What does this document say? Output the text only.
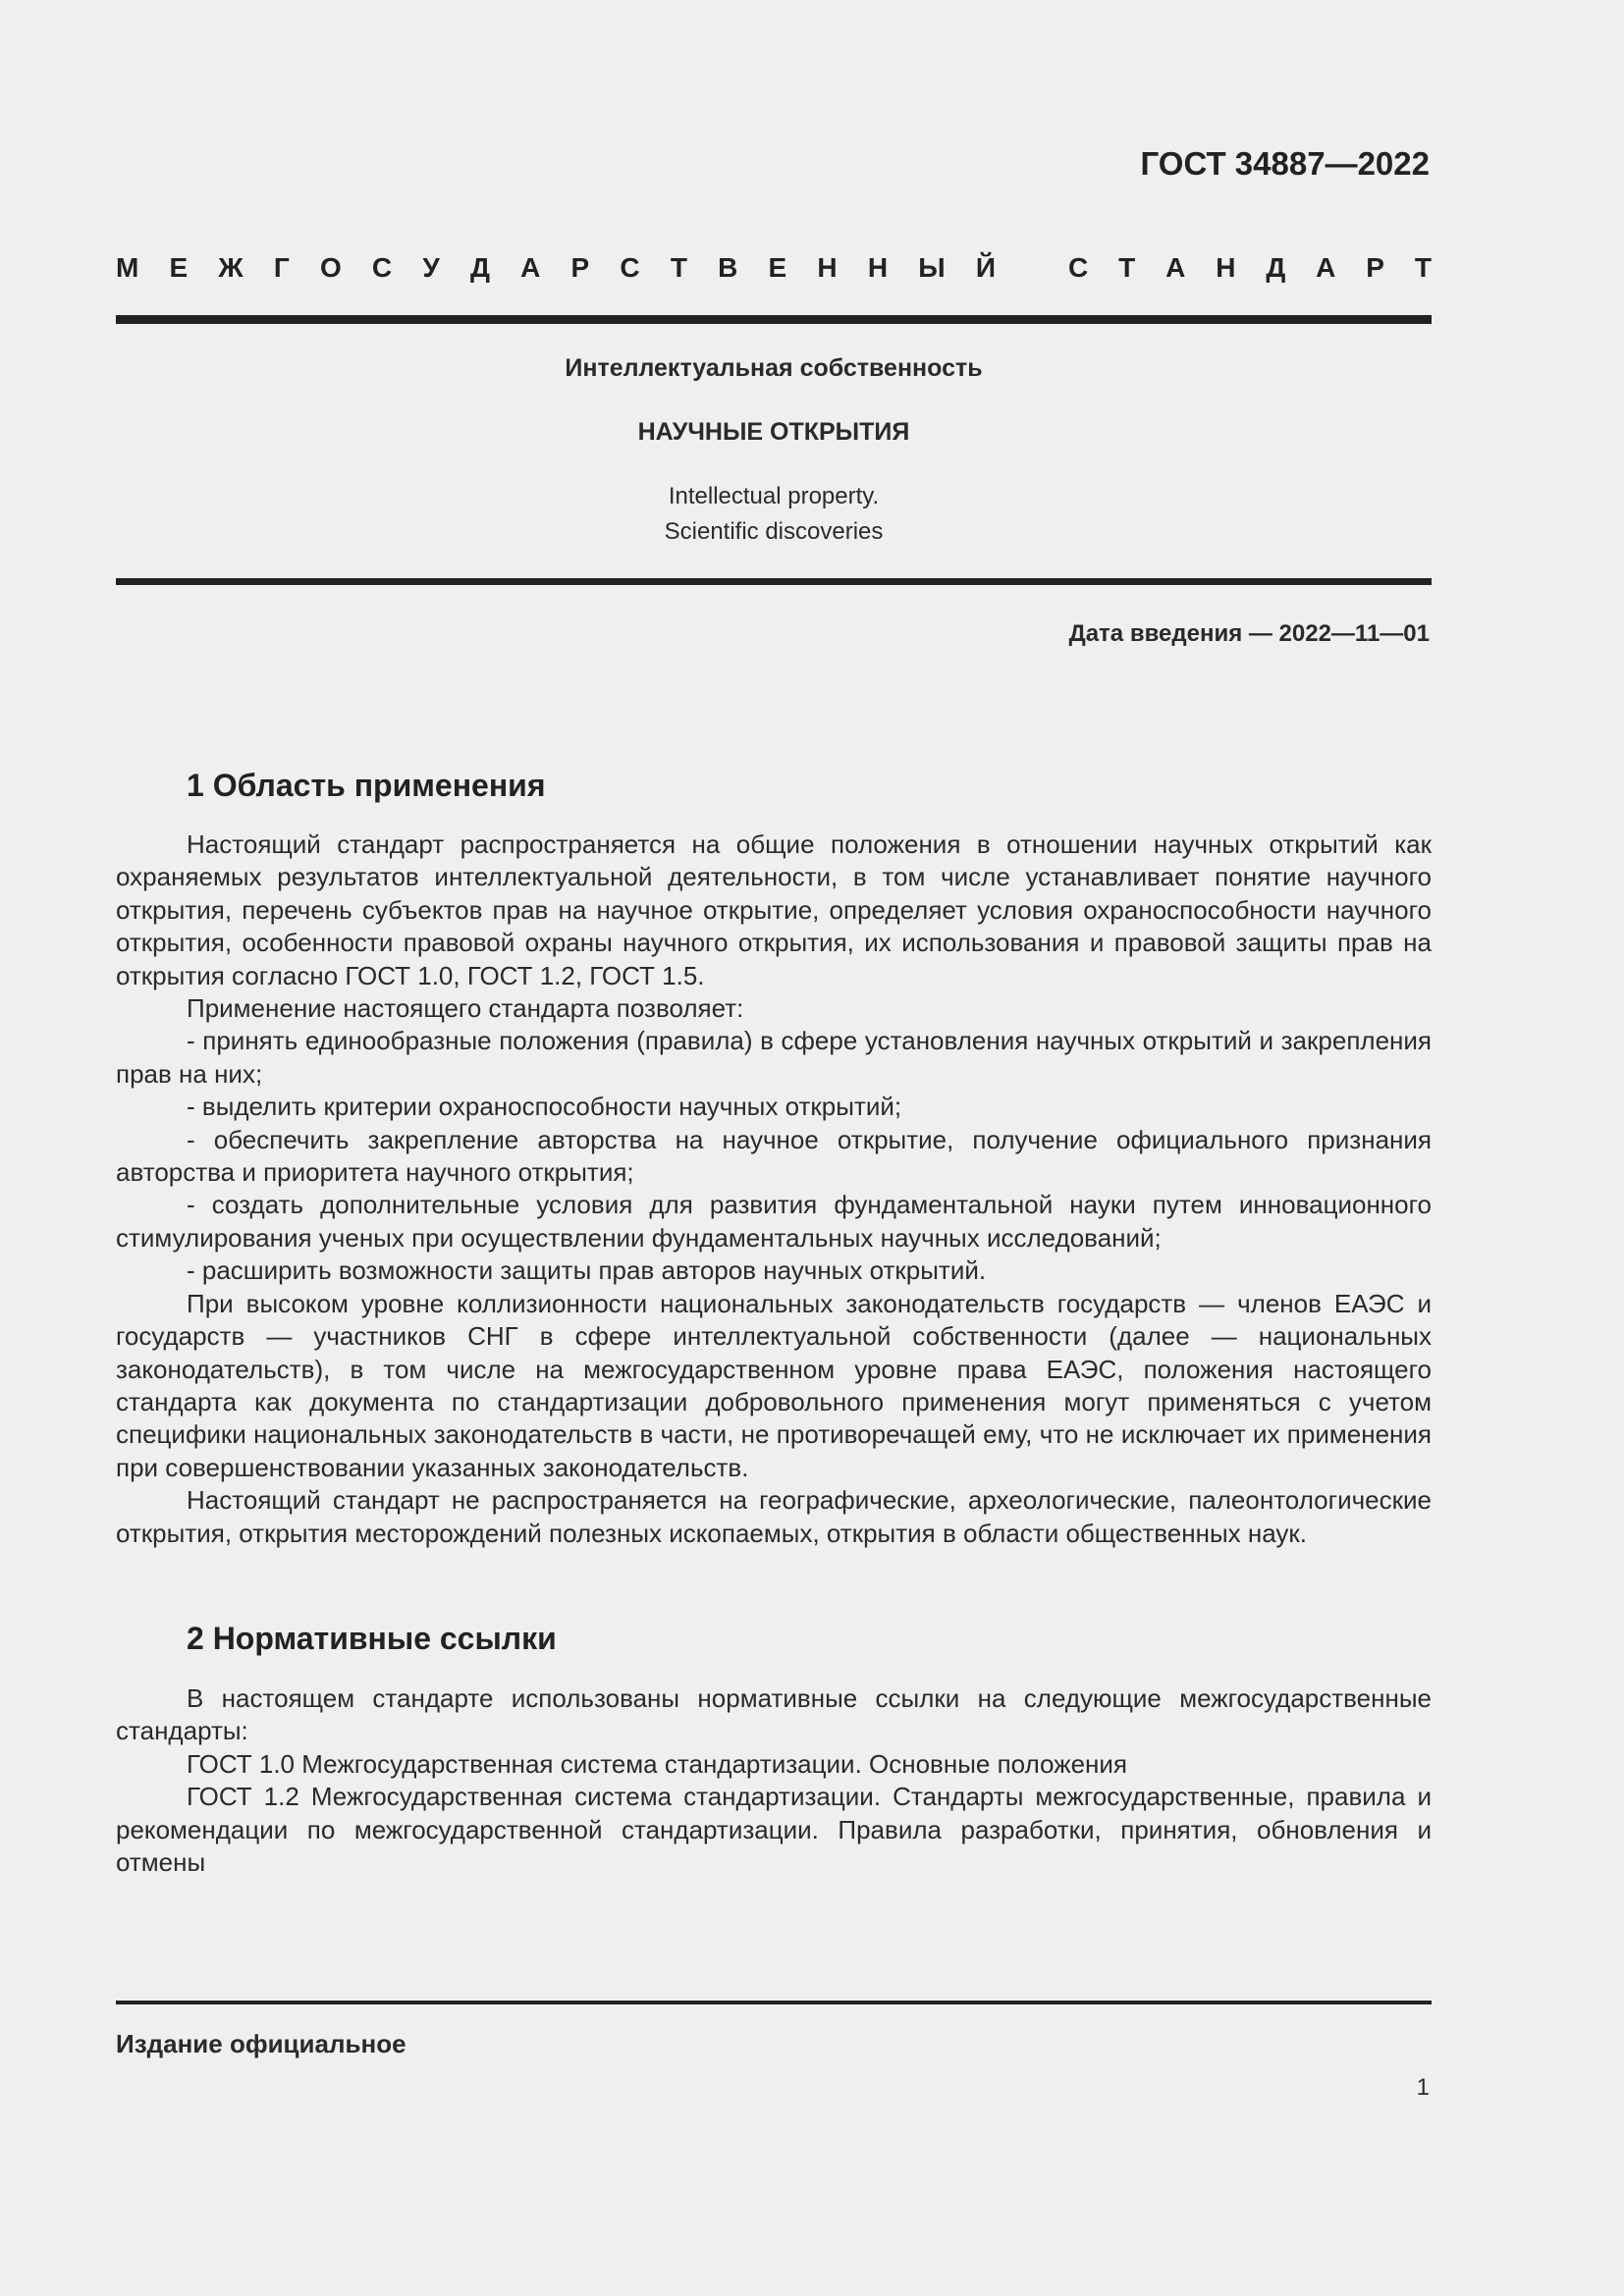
ГОСТ 34887—2022
М Е Ж Г О С У Д А Р С Т В Е Н Н Ы Й	С Т А Н Д А Р Т
Интеллектуальная собственность
НАУЧНЫЕ ОТКРЫТИЯ
Intellectual property.
Scientific discoveries
Дата введения — 2022—11—01
1 Область применения

Настоящий стандарт распространяется на общие положения в отношении научных открытий как охраняемых результатов интеллектуальной деятельности, в том числе устанавливает понятие научного открытия, перечень субъектов прав на научное открытие, определяет условия охраноспособности научного открытия, особенности правовой охраны научного открытия, их использования и правовой защиты прав на открытия согласно ГОСТ 1.0, ГОСТ 1.2, ГОСТ 1.5.

Применение настоящего стандарта позволяет:

- принять единообразные положения (правила) в сфере установления научных открытий и закрепления прав на них;

- выделить критерии охраноспособности научных открытий;

- обеспечить закрепление авторства на научное открытие, получение официального признания авторства и приоритета научного открытия;

- создать дополнительные условия для развития фундаментальной науки путем инновационного стимулирования ученых при осуществлении фундаментальных научных исследований;

- расширить возможности защиты прав авторов научных открытий.

При высоком уровне коллизионности национальных законодательств государств — членов ЕАЭС и государств — участников СНГ в сфере интеллектуальной собственности (далее — национальных законодательств), в том числе на межгосударственном уровне права ЕАЭС, положения настоящего стандарта как документа по стандартизации добровольного применения могут применяться с учетом специфики национальных законодательств в части, не противоречащей ему, что не исключает их применения при совершенствовании указанных законодательств.

Настоящий стандарт не распространяется на географические, археологические, палеонтологические открытия, открытия месторождений полезных ископаемых, открытия в области общественных наук.

2 Нормативные ссылки

В настоящем стандарте использованы нормативные ссылки на следующие межгосударственные стандарты:

ГОСТ 1.0 Межгосударственная система стандартизации. Основные положения

ГОСТ 1.2 Межгосударственная система стандартизации. Стандарты межгосударственные, правила и рекомендации по межгосударственной стандартизации. Правила разработки, принятия, обновления и отмены

Издание официальное
1
